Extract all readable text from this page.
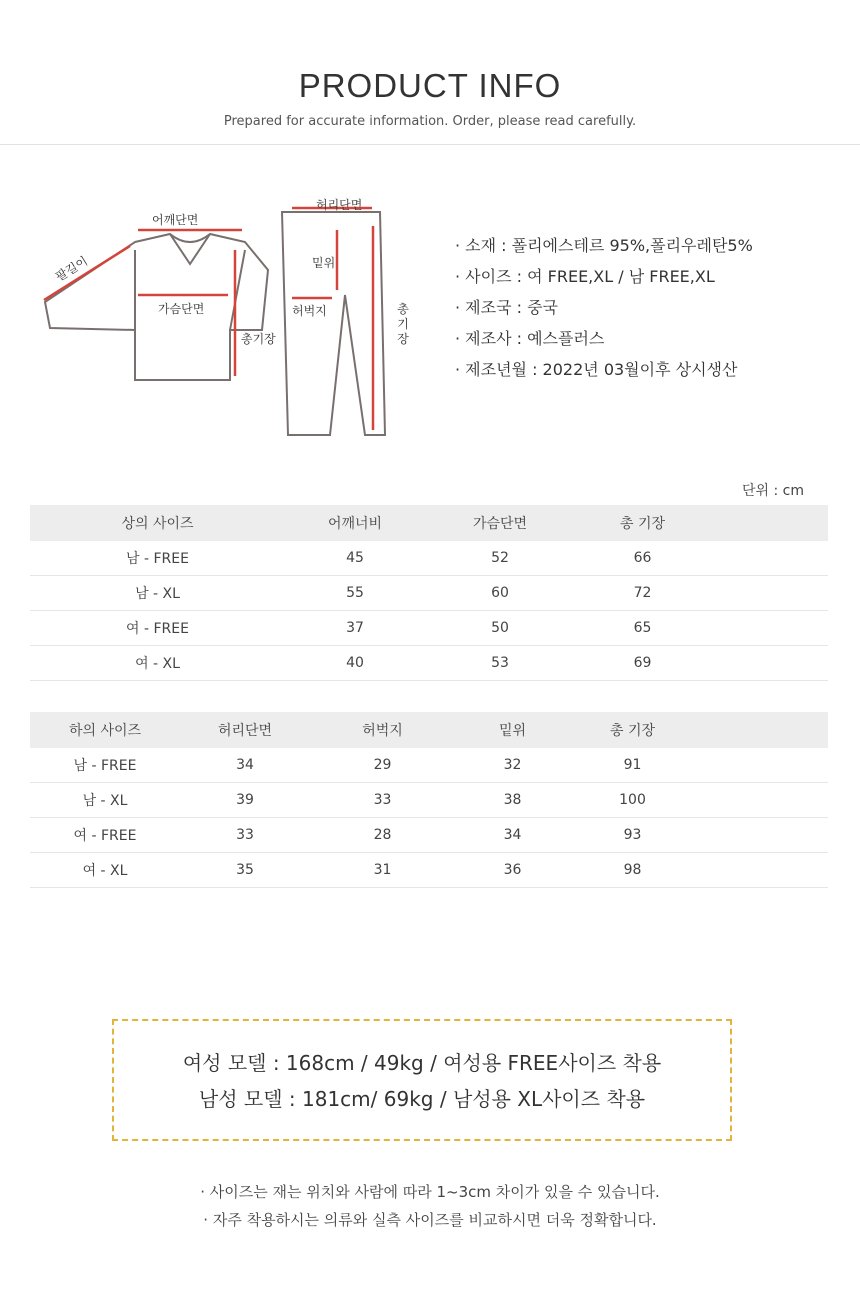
PRODUCT INFO
Prepared for accurate information. Order, please read carefully.
어깨단면
팔길이
가슴단면
총기장
허리단면
밑위
허벅지	총
기
장
· 소재 : 폴리에스테르 95%,폴리우레탄5%
· 사이즈 : 여 FREE,XL / 남 FREE,XL
· 제조국 : 중국
· 제조사 : 예스플러스
· 제조년월 : 2022년 03월이후 상시생산
단위 : cm
상의 사이즈	어깨너비	가슴단면	총 기장	
남 - FREE	45	52	66	
남 - XL	55	60	72	
여 - FREE	37	50	65	
여 - XL	40	53	69	
하의 사이즈	허리단면	허벅지	밑위	총 기장	
남 - FREE	34	29	32	91	
남 - XL	39	33	38	100	
여 - FREE	33	28	34	93	
여 - XL	35	31	36	98	
여성 모델 : 168cm / 49kg / 여성용 FREE사이즈 착용
남성 모델 : 181cm/ 69kg / 남성용 XL사이즈 착용
· 사이즈는 재는 위치와 사람에 따라 1~3cm 차이가 있을 수 있습니다.
· 자주 착용하시는 의류와 실측 사이즈를 비교하시면 더욱 정확합니다.
